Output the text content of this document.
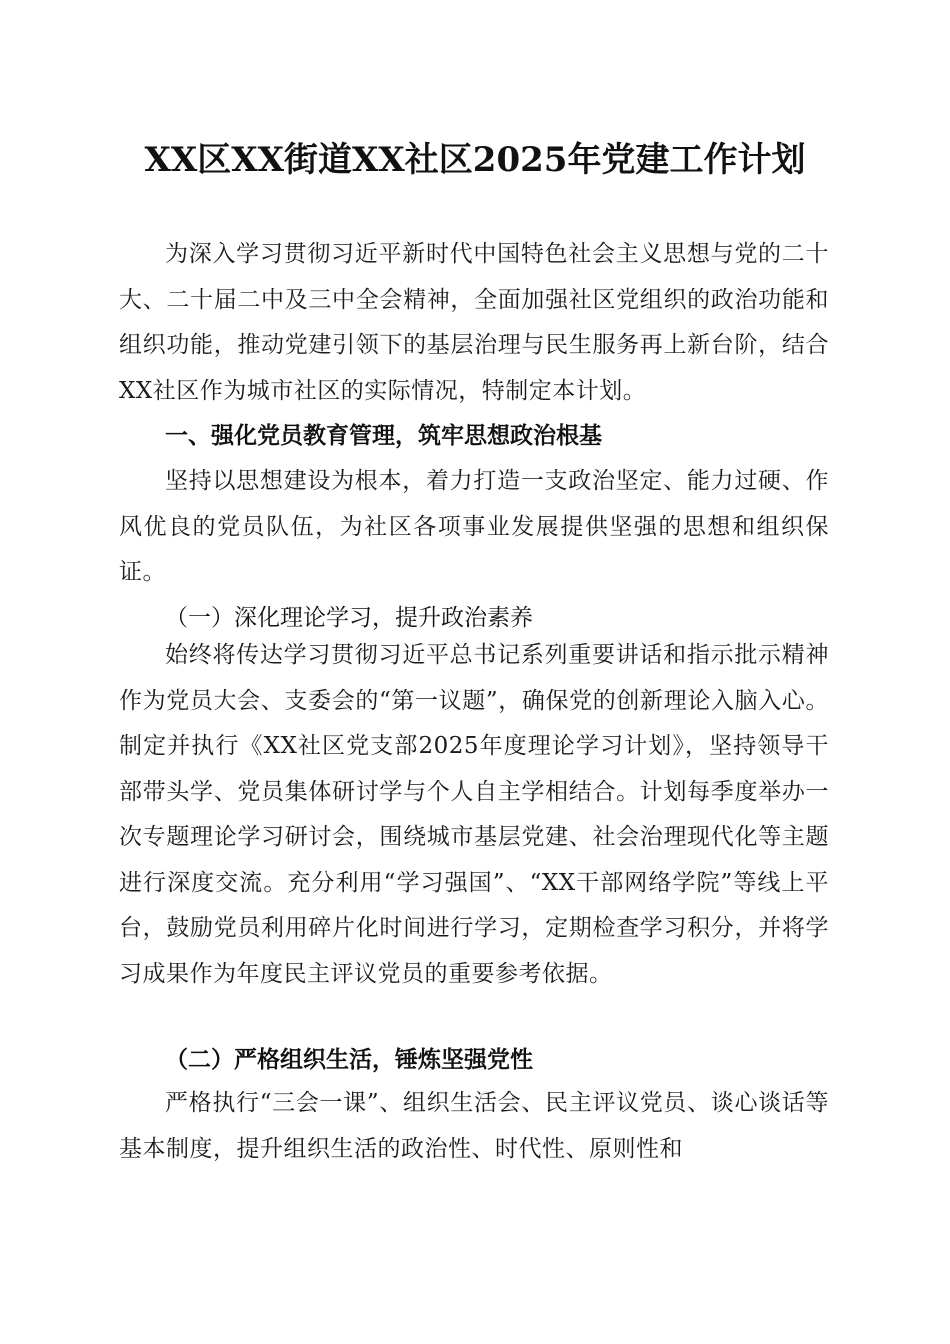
XX区XX街道XX社区2025年党建工作计划
为深入学习贯彻习近平新时代中国特色社会主义思想与党的二十大、二十届二中及三中全会精神，全面加强社区党组织的政治功能和组织功能，推动党建引领下的基层治理与民生服务再上新台阶，结合XX社区作为城市社区的实际情况，特制定本计划。
一、强化党员教育管理，筑牢思想政治根基
坚持以思想建设为根本，着力打造一支政治坚定、能力过硬、作风优良的党员队伍，为社区各项事业发展提供坚强的思想和组织保证。
（一）深化理论学习，提升政治素养
始终将传达学习贯彻习近平总书记系列重要讲话和指示批示精神作为党员大会、支委会的“第一议题”，确保党的创新理论入脑入心。制定并执行《XX社区党支部2025年度理论学习计划》，坚持领导干部带头学、党员集体研讨学与个人自主学相结合。计划每季度举办一次专题理论学习研讨会，围绕城市基层党建、社会治理现代化等主题进行深度交流。充分利用“学习强国”、“XX干部网络学院”等线上平台，鼓励党员利用碎片化时间进行学习，定期检查学习积分，并将学习成果作为年度民主评议党员的重要参考依据。
（二）严格组织生活，锤炼坚强党性
严格执行“三会一课”、组织生活会、民主评议党员、谈心谈话等基本制度，提升组织生活的政治性、时代性、原则性和
